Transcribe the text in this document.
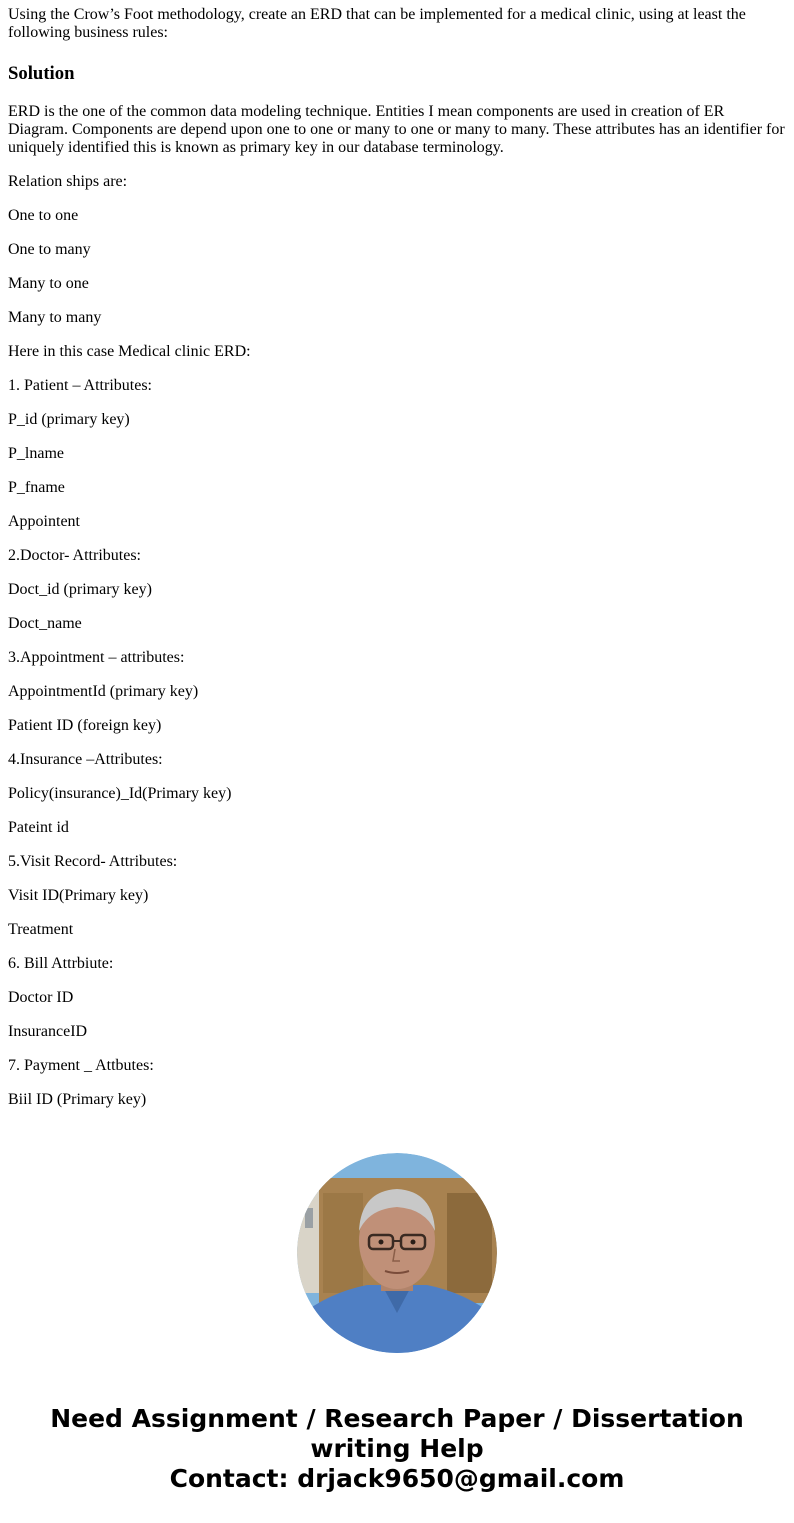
Using the Crow’s Foot methodology, create an ERD that can be implemented for a medical clinic, using at least the following business rules:

Solution

ERD is the one of the common data modeling technique. Entities I mean components are used in creation of ER Diagram. Components are depend upon one to one or many to one or many to many. These attributes has an identifier for uniquely identified this is known as primary key in our database terminology.

Relation ships are:

One to one

One to many

Many to one

Many to many

Here in this case Medical clinic ERD:

1. Patient – Attributes:

P_id (primary key)

P_lname

P_fname

Appointent

2.Doctor- Attributes:

Doct_id (primary key)

Doct_name

3.Appointment – attributes:

AppointmentId (primary key)

Patient ID (foreign key)

4.Insurance –Attributes:

Policy(insurance)_Id(Primary key)

Pateint id

5.Visit Record- Attributes:

Visit ID(Primary key)

Treatment

6. Bill Attrbiute:

Doctor ID

InsuranceID

7. Payment _ Attbutes:

Biil ID (Primary key)

Need Assignment / Research Paper / Dissertation
writing Help
Contact: drjack9650@gmail.com
